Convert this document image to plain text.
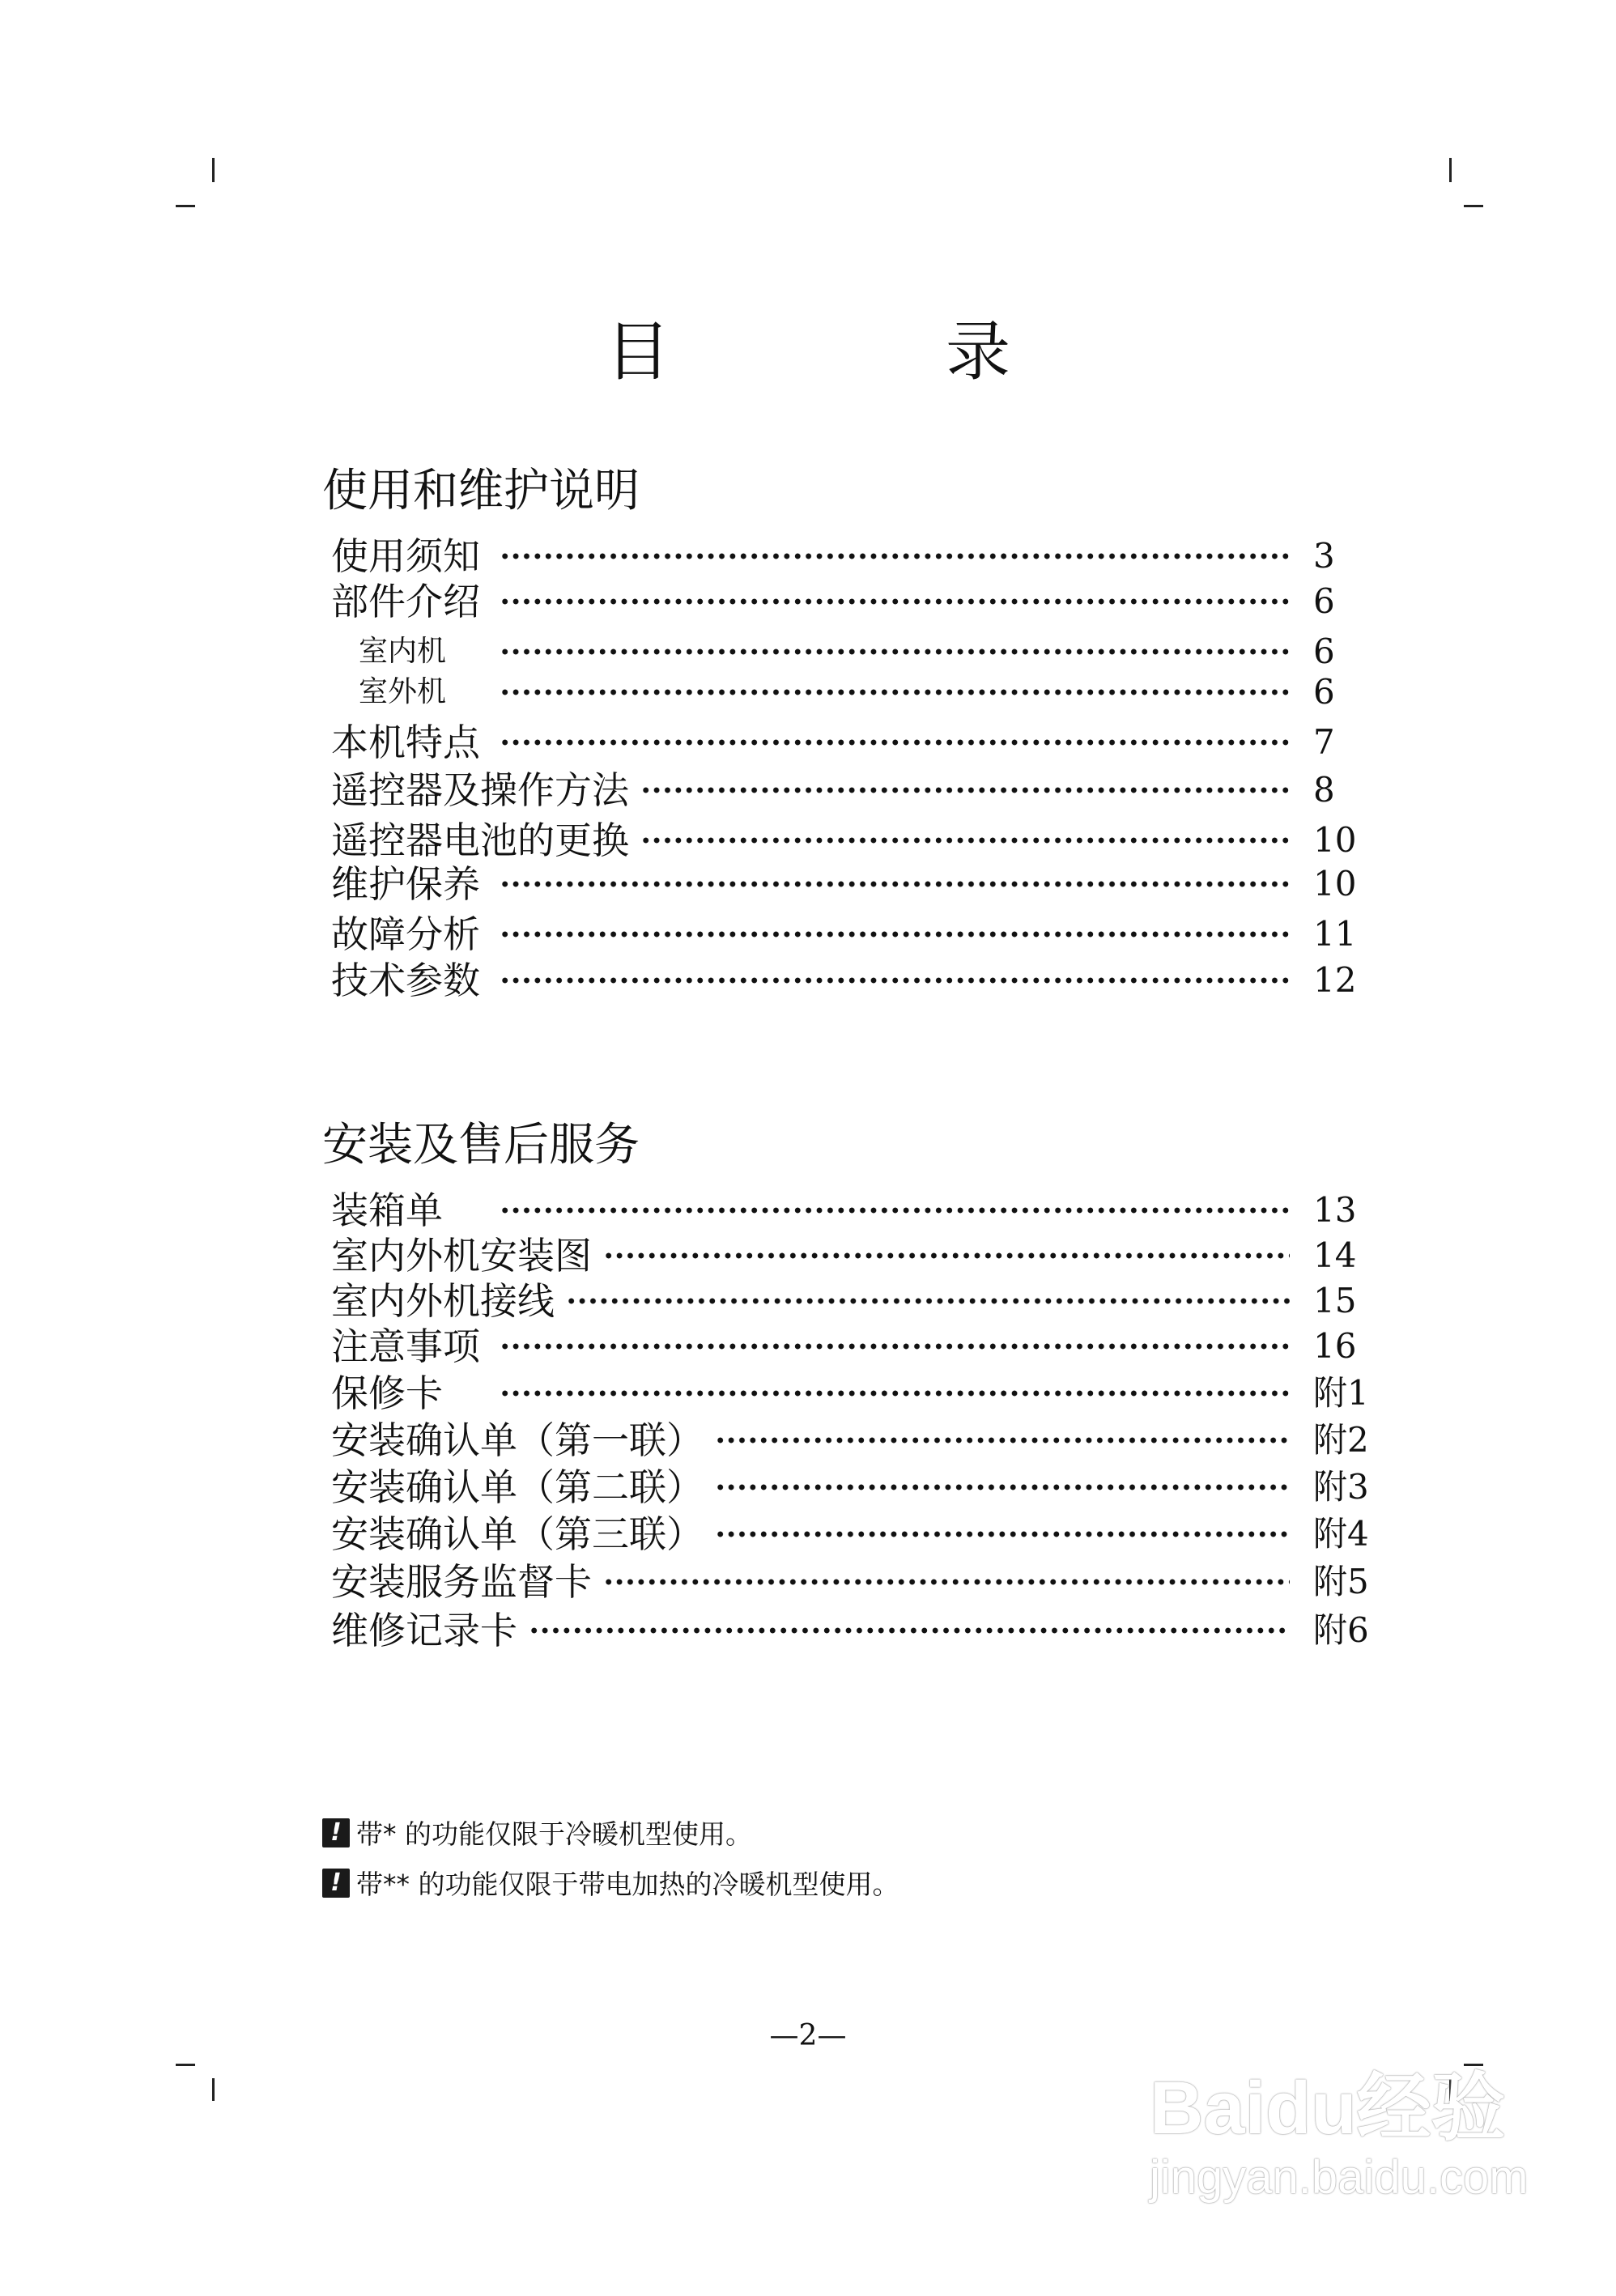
目　录
使用和维护说明
使用须知	3
部件介绍	6
室内机	6
室外机	6
本机特点	7
遥控器及操作方法	8
遥控器电池的更换	10
维护保养	10
故障分析	11
技术参数	12
安装及售后服务
装箱单	13
室内外机安装图	14
室内外机接线	15
注意事项	16
保修卡	附1
安装确认单（第一联）	附2
安装确认单（第二联）	附3
安装确认单（第三联）	附4
安装服务监督卡	附5
维修记录卡	附6
! 带* 的功能仅限于冷暖机型使用。
! 带** 的功能仅限于带电加热的冷暖机型使用。
—2—
Baidu经验
jingyan.baidu.com
